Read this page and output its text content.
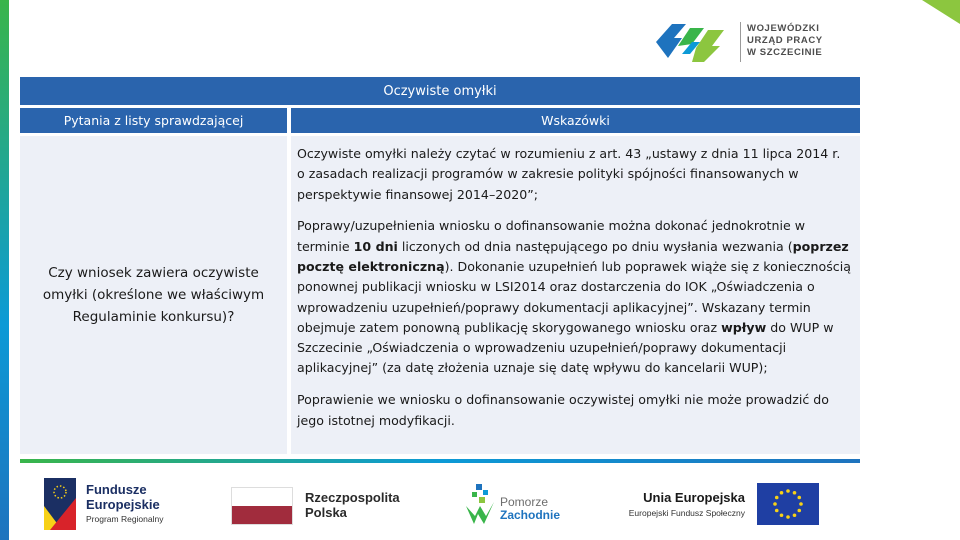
WOJEWÓDZKI
URZĄD PRACY
W SZCZECINIE
Oczywiste omyłki
Pytania z listy sprawdzającej	Wskazówki
Czy wniosek zawiera oczywiste omyłki (określone we właściwym Regulaminie konkursu)?

Oczywiste omyłki należy czytać w rozumieniu z art. 43 „ustawy z dnia 11 lipca 2014 r. o zasadach realizacji programów w zakresie polityki spójności finansowanych w perspektywie finansowej 2014–2020”;

Poprawy/uzupełnienia wniosku o dofinansowanie można dokonać jednokrotnie w terminie 10 dni liczonych od dnia następującego po dniu wysłania wezwania (poprzez pocztę elektroniczną). Dokonanie uzupełnień lub poprawek wiąże się z koniecznością ponownej publikacji wniosku w LSI2014 oraz dostarczenia do IOK „Oświadczenia o wprowadzeniu uzupełnień/poprawy dokumentacji aplikacyjnej”. Wskazany termin obejmuje zatem ponowną publikację skorygowanego wniosku oraz wpływ do WUP w Szczecinie „Oświadczenia o wprowadzeniu uzupełnień/poprawy dokumentacji aplikacyjnej” (za datę złożenia uznaje się datę wpływu do kancelarii WUP);

Poprawienie we wniosku o dofinansowanie oczywistej omyłki nie może prowadzić do jego istotnej modyfikacji.

Fundusze
Europejskie
Program Regionalny
Rzeczpospolita
Polska
Pomorze
Zachodnie
Unia Europejska
Europejski Fundusz Społeczny
